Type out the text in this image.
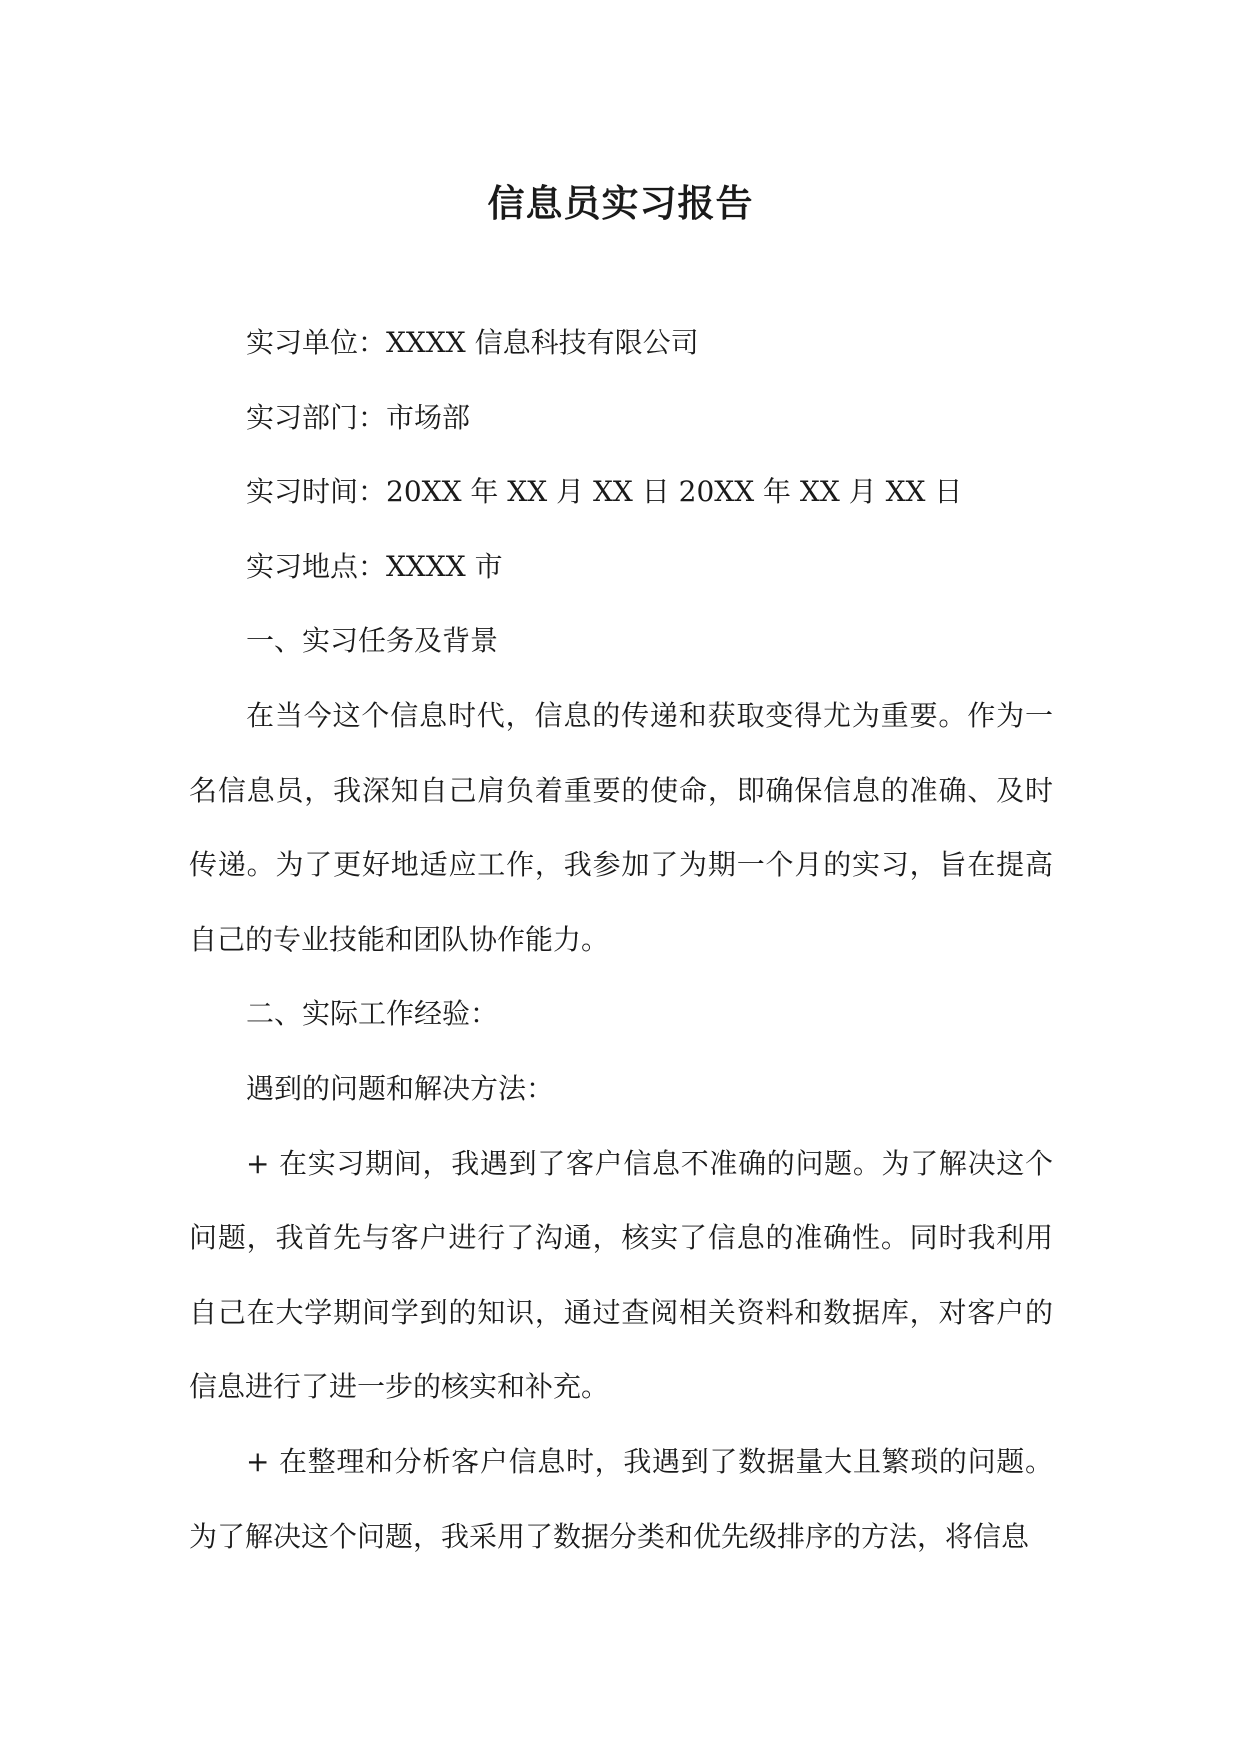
信息员实习报告

实习单位：XXXX 信息科技有限公司

实习部门：市场部

实习时间：20XX 年 XX 月 XX 日 20XX 年 XX 月 XX 日

实习地点：XXXX 市

一、实习任务及背景

在当今这个信息时代，信息的传递和获取变得尤为重要。作为一名信息员，我深知自己肩负着重要的使命，即确保信息的准确、及时传递。为了更好地适应工作，我参加了为期一个月的实习，旨在提高自己的专业技能和团队协作能力。

二、实际工作经验：

遇到的问题和解决方法：

+ 在实习期间，我遇到了客户信息不准确的问题。为了解决这个问题，我首先与客户进行了沟通，核实了信息的准确性。同时我利用自己在大学期间学到的知识，通过查阅相关资料和数据库，对客户的信息进行了进一步的核实和补充。

+ 在整理和分析客户信息时，我遇到了数据量大且繁琐的问题。为了解决这个问题，我采用了数据分类和优先级排序的方法，将信息
